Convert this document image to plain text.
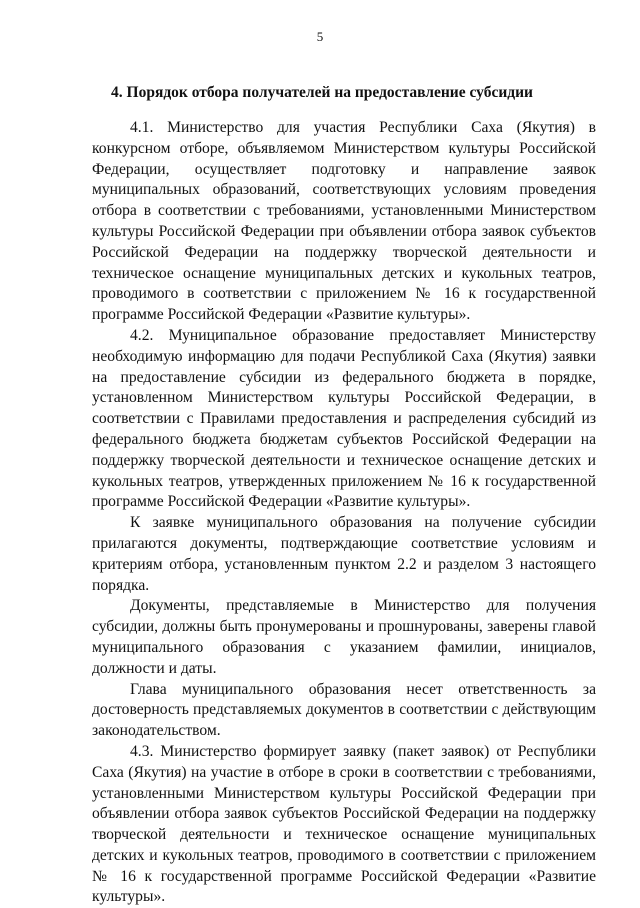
5
4. Порядок отбора получателей на предоставление субсидии

4.1. Министерство для участия Республики Саха (Якутия) в конкурсном отборе, объявляемом Министерством культуры Российской Федерации, осуществляет подготовку и направление заявок муниципальных образований, соответствующих условиям проведения отбора в соответствии с требованиями, установленными Министерством культуры Российской Федерации при объявлении отбора заявок субъектов Российской Федерации на поддержку творческой деятельности и техническое оснащение муниципальных детских и кукольных театров, проводимого в соответствии с приложением № 16 к государственной программе Российской Федерации «Развитие культуры».

4.2. Муниципальное образование предоставляет Министерству необходимую информацию для подачи Республикой Саха (Якутия) заявки на предоставление субсидии из федерального бюджета в порядке, установленном Министерством культуры Российской Федерации, в соответствии с Правилами предоставления и распределения субсидий из федерального бюджета бюджетам субъектов Российской Федерации на поддержку творческой деятельности и техническое оснащение детских и кукольных театров, утвержденных приложением № 16 к государственной программе Российской Федерации «Развитие культуры».

К заявке муниципального образования на получение субсидии прилагаются документы, подтверждающие соответствие условиям и критериям отбора, установленным пунктом 2.2 и разделом 3 настоящего порядка.

Документы, представляемые в Министерство для получения субсидии, должны быть пронумерованы и прошнурованы, заверены главой муниципального образования с указанием фамилии, инициалов, должности и даты.

Глава муниципального образования несет ответственность за достоверность представляемых документов в соответствии с действующим законодательством.

4.3. Министерство формирует заявку (пакет заявок) от Республики Саха (Якутия) на участие в отборе в сроки в соответствии с требованиями, установленными Министерством культуры Российской Федерации при объявлении отбора заявок субъектов Российской Федерации на поддержку творческой деятельности и техническое оснащение муниципальных детских и кукольных театров, проводимого в соответствии с приложением № 16 к государственной программе Российской Федерации «Развитие культуры».
